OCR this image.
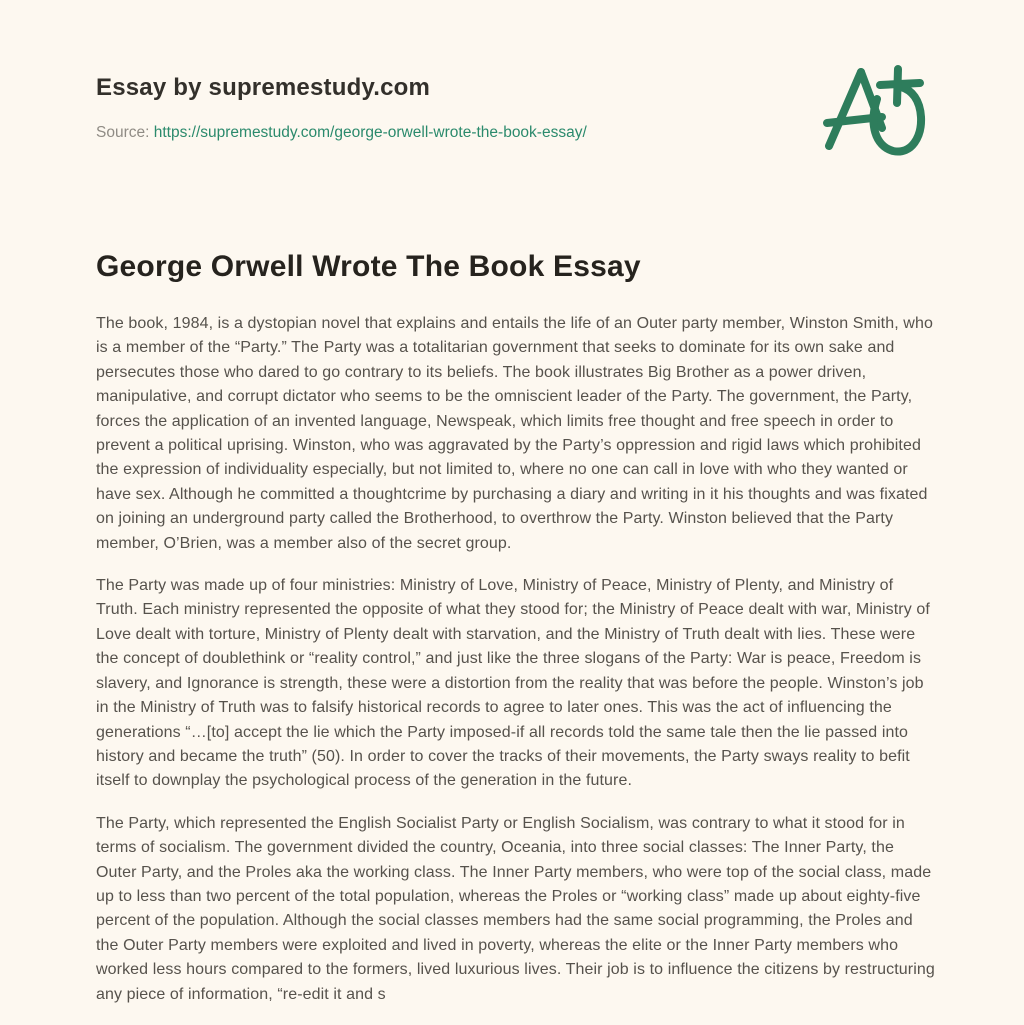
Essay by supremestudy.com
Source: https://supremestudy.com/george-orwell-wrote-the-book-essay/
George Orwell Wrote The Book Essay

The book, 1984, is a dystopian novel that explains and entails the life of an Outer party member, Winston Smith, who is a member of the “Party.” The Party was a totalitarian government that seeks to dominate for its own sake and persecutes those who dared to go contrary to its beliefs. The book illustrates Big Brother as a power driven, manipulative, and corrupt dictator who seems to be the omniscient leader of the Party. The government, the Party, forces the application of an invented language, Newspeak, which limits free thought and free speech in order to prevent a political uprising. Winston, who was aggravated by the Party’s oppression and rigid laws which prohibited the expression of individuality especially, but not limited to, where no one can call in love with who they wanted or have sex. Although he committed a thoughtcrime by purchasing a diary and writing in it his thoughts and was fixated on joining an underground party called the Brotherhood, to overthrow the Party. Winston believed that the Party member, O’Brien, was a member also of the secret group.

The Party was made up of four ministries: Ministry of Love, Ministry of Peace, Ministry of Plenty, and Ministry of Truth. Each ministry represented the opposite of what they stood for; the Ministry of Peace dealt with war, Ministry of Love dealt with torture, Ministry of Plenty dealt with starvation, and the Ministry of Truth dealt with lies. These were the concept of doublethink or “reality control,” and just like the three slogans of the Party: War is peace, Freedom is slavery, and Ignorance is strength, these were a distortion from the reality that was before the people. Winston’s job in the Ministry of Truth was to falsify historical records to agree to later ones. This was the act of influencing the generations “…[to] accept the lie which the Party imposed-if all records told the same tale then the lie passed into history and became the truth” (50). In order to cover the tracks of their movements, the Party sways reality to befit itself to downplay the psychological process of the generation in the future.

The Party, which represented the English Socialist Party or English Socialism, was contrary to what it stood for in terms of socialism. The government divided the country, Oceania, into three social classes: The Inner Party, the Outer Party, and the Proles aka the working class. The Inner Party members, who were top of the social class, made up to less than two percent of the total population, whereas the Proles or “working class” made up about eighty-five percent of the population. Although the social classes members had the same social programming, the Proles and the Outer Party members were exploited and lived in poverty, whereas the elite or the Inner Party members who worked less hours compared to the formers, lived luxurious lives. Their job is to influence the citizens by restructuring any piece of information, “re-edit it and s
